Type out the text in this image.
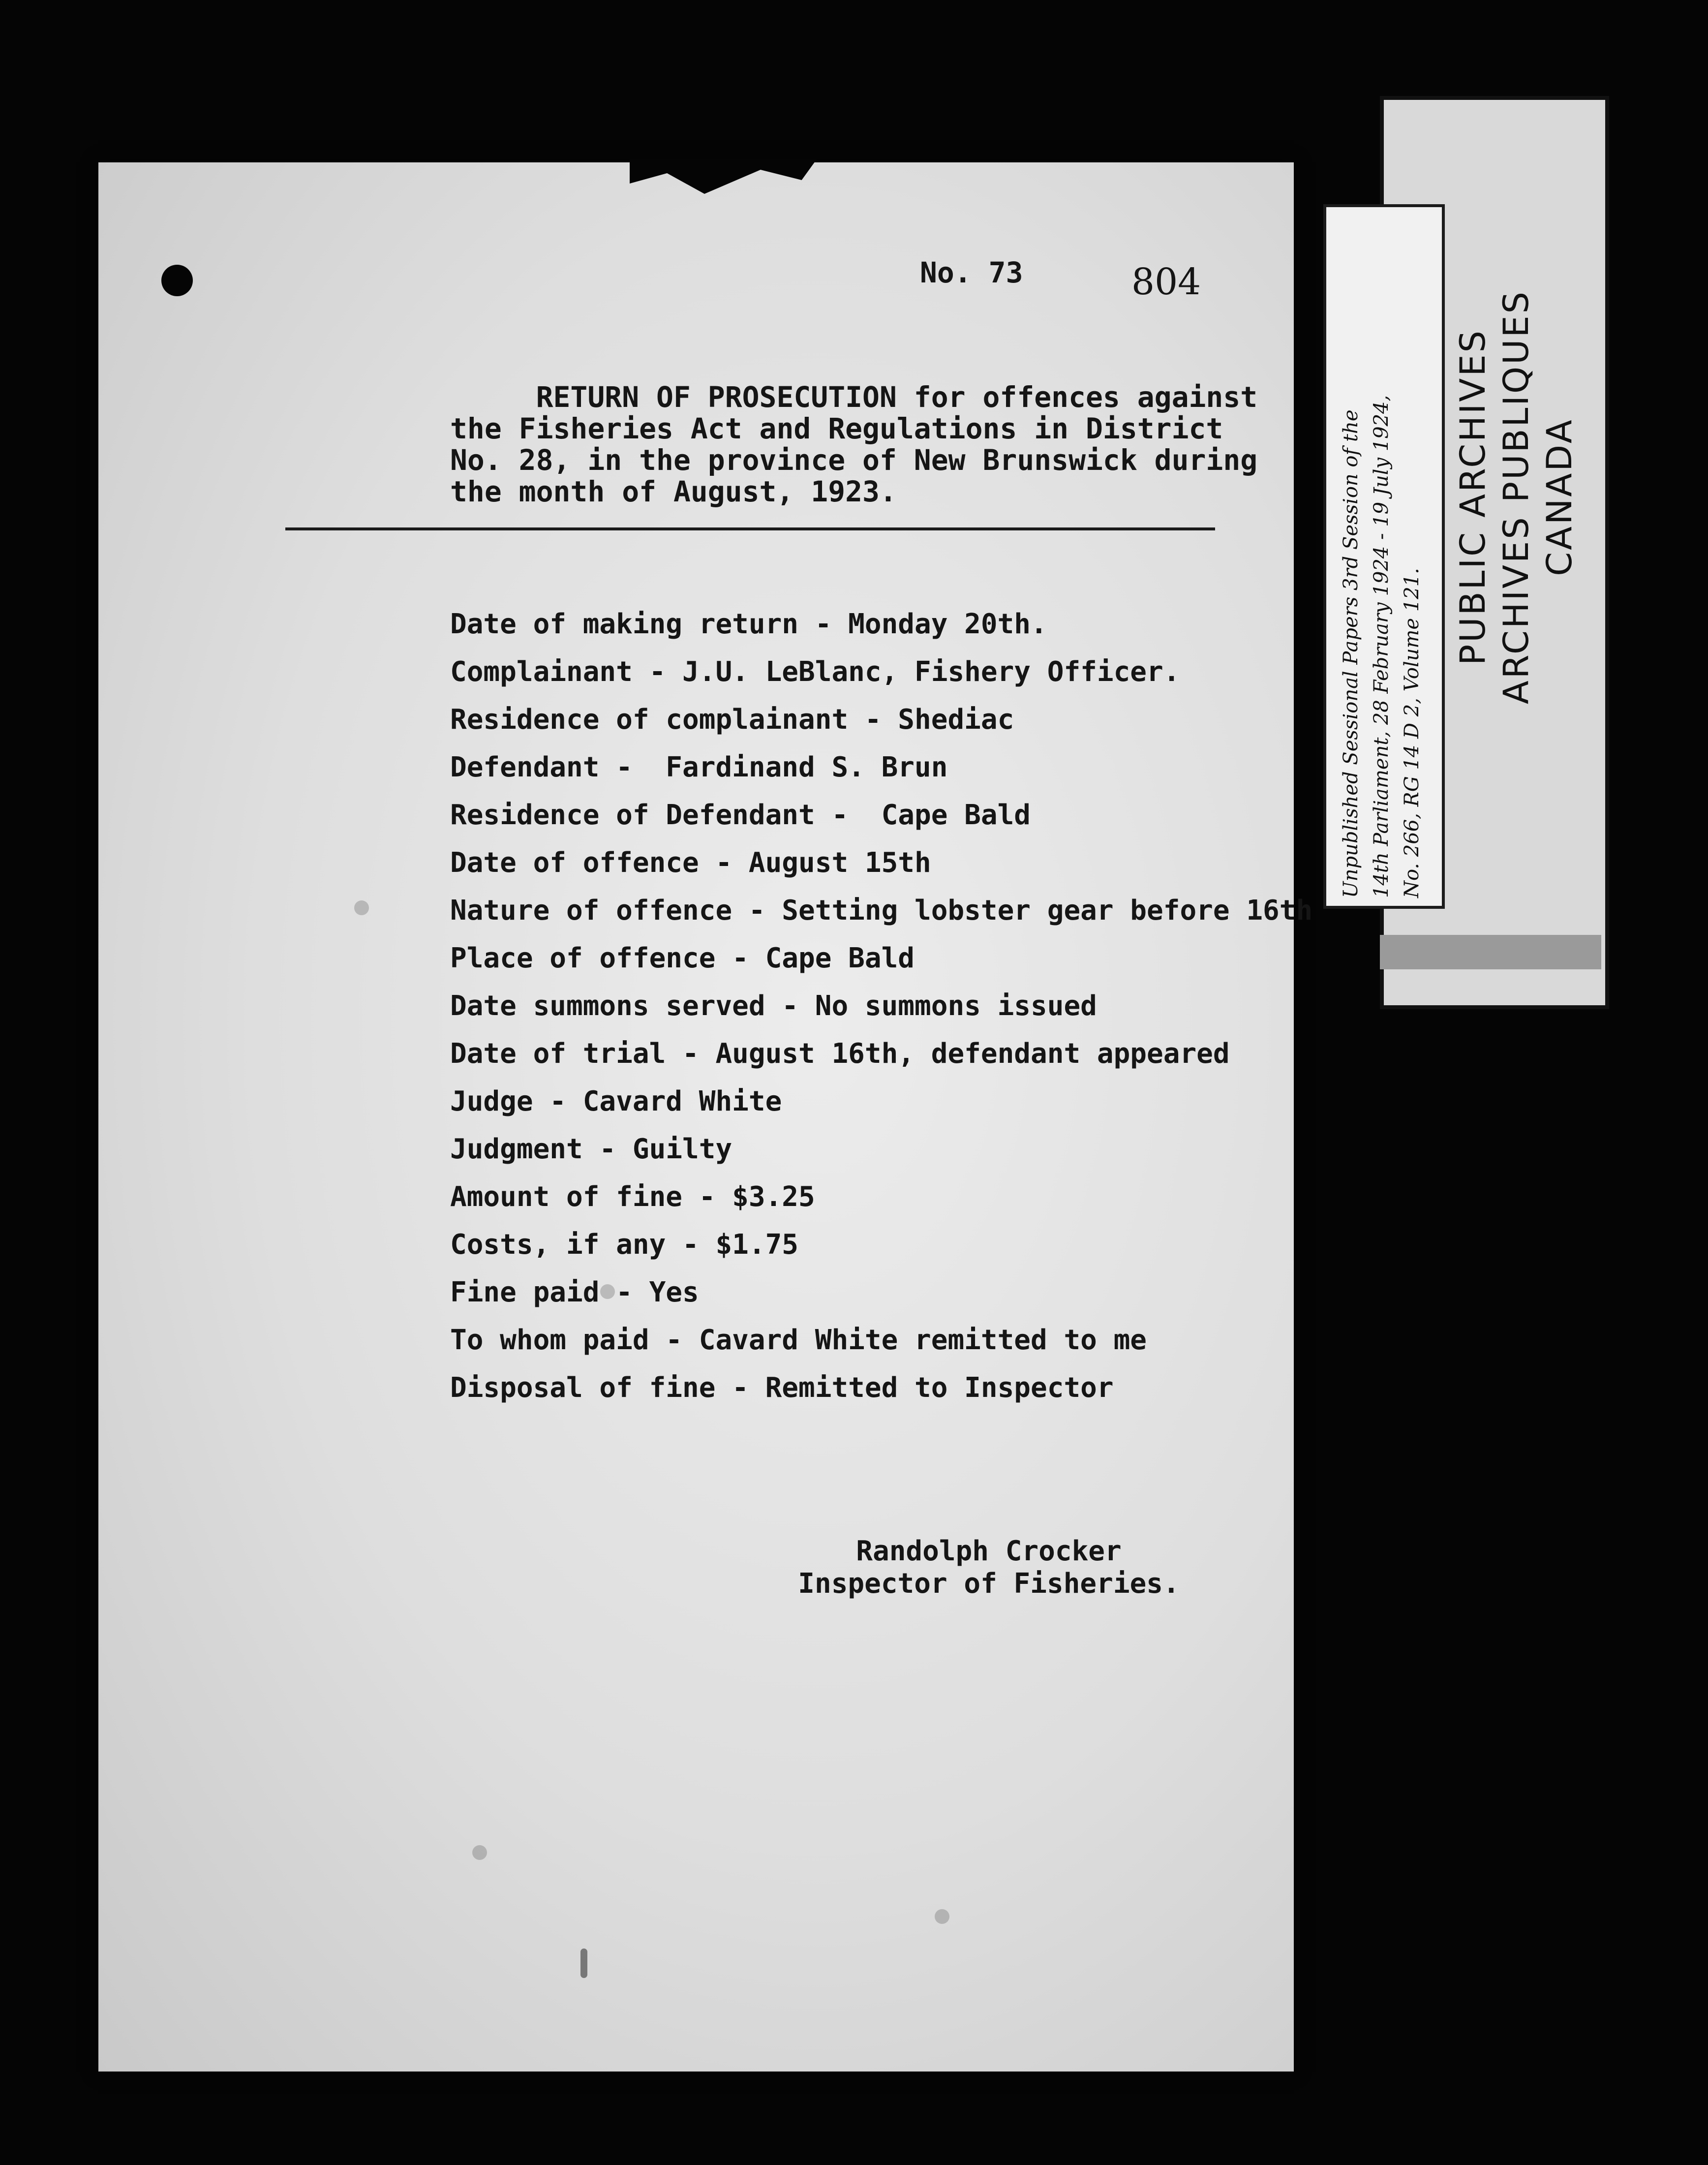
No. 73	804
RETURN OF PROSECUTION for offences against
the Fisheries Act and Regulations in District
No. 28, in the province of New Brunswick during
the month of August, 1923.
Date of making return - Monday 20th.
Complainant - J.U. LeBlanc, Fishery Officer.
Residence of complainant - Shediac
Defendant -  Fardinand S. Brun
Residence of Defendant -  Cape Bald
Date of offence - August 15th
Nature of offence - Setting lobster gear before 16th
Place of offence - Cape Bald
Date summons served - No summons issued
Date of trial - August 16th, defendant appeared
Judge - Cavard White
Judgment - Guilty
Amount of fine - $3.25
Costs, if any - $1.75
Fine paid - Yes
To whom paid - Cavard White remitted to me
Disposal of fine - Remitted to Inspector
Randolph Crocker
Inspector of Fisheries.
Unpublished Sessional Papers 3rd Session of the 14th Parliament, 28 February 1924 - 19 July 1924, No. 266, RG 14 D 2, Volume 121.
PUBLIC ARCHIVES ARCHIVES PUBLIQUES CANADA
